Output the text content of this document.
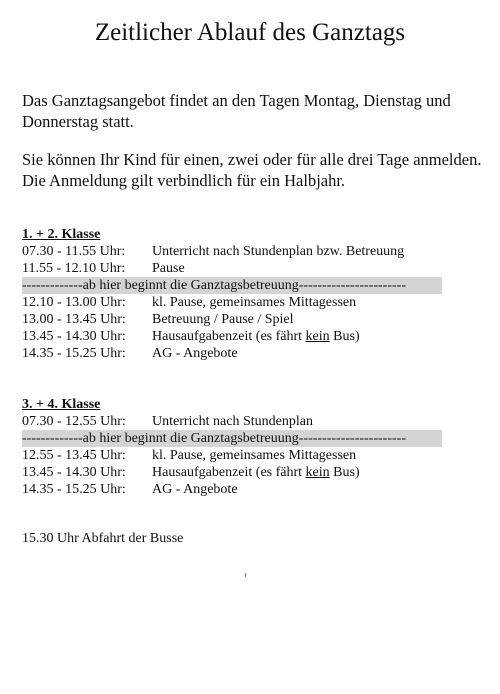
Zeitlicher Ablauf des Ganztags
Das Ganztagsangebot findet an den Tagen Montag, Dienstag und Donnerstag statt.
Sie können Ihr Kind für einen, zwei oder für alle drei Tage anmelden. Die Anmeldung gilt verbindlich für ein Halbjahr.
1. + 2. Klasse
07.30 - 11.55 Uhr: Unterricht nach Stundenplan bzw. Betreuung
11.55 - 12.10 Uhr: Pause
-------------ab hier beginnt die Ganztagsbetreuung-----------------------
12.10 - 13.00 Uhr: kl. Pause, gemeinsames Mittagessen
13.00 - 13.45 Uhr: Betreuung / Pause / Spiel
13.45 - 14.30 Uhr: Hausaufgabenzeit (es fährt kein Bus)
14.35 - 15.25 Uhr: AG - Angebote
3. + 4. Klasse
07.30 - 12.55 Uhr: Unterricht nach Stundenplan
-------------ab hier beginnt die Ganztagsbetreuung-----------------------
12.55 - 13.45 Uhr: kl. Pause, gemeinsames Mittagessen
13.45 - 14.30 Uhr: Hausaufgabenzeit (es fährt kein Bus)
14.35 - 15.25 Uhr: AG - Angebote
15.30 Uhr Abfahrt der Busse
